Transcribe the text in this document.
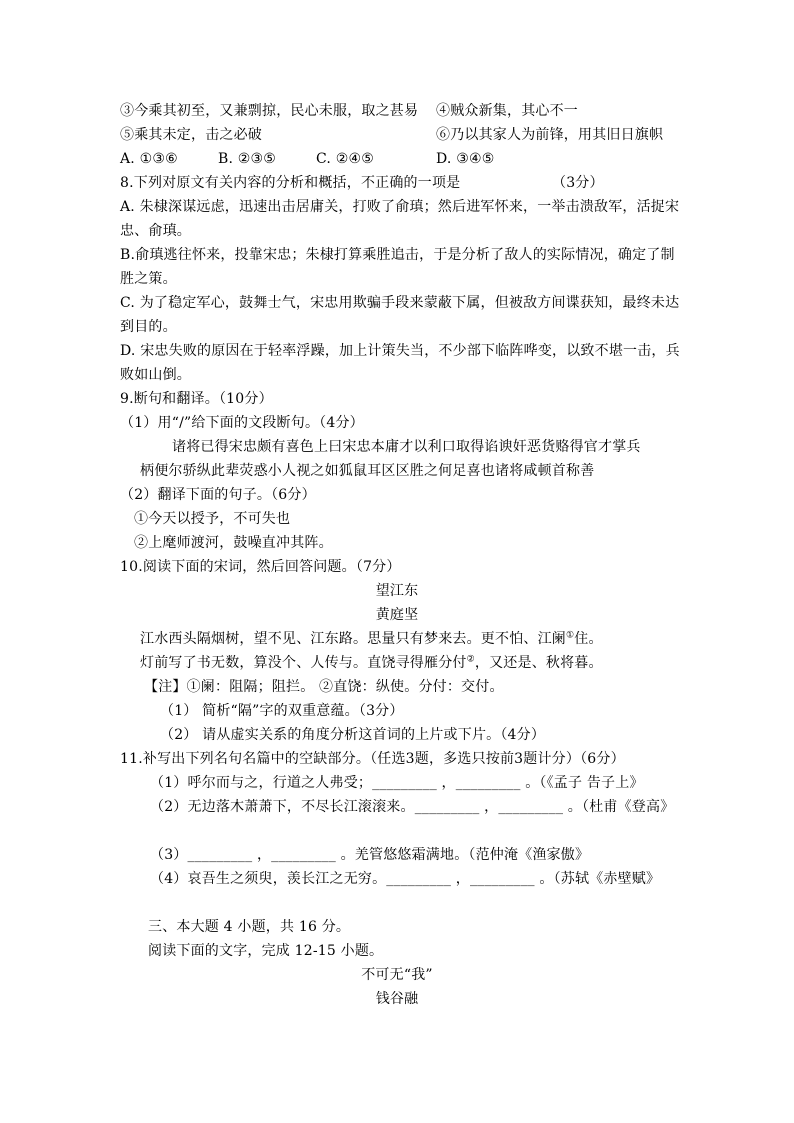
③今乘其初至，又兼剽掠，民心未服，取之甚易 ④贼众新集，其心不一
⑤乘其未定，击之必破	⑥乃以其家人为前锋，用其旧日旗帜
A. ①③⑥	B. ②③⑤	C. ②④⑤	D. ③④⑤
8.下列对原文有关内容的分析和概括，不正确的一项是	（3分）
A. 朱棣深谋远虑，迅速出击居庸关，打败了俞瑱；然后进军怀来，一举击溃敌军，活捉宋
忠、俞瑱。
B.俞瑱逃往怀来，投靠宋忠；朱棣打算乘胜追击，于是分析了敌人的实际情况，确定了制
胜之策。
C. 为了稳定军心，鼓舞士气，宋忠用欺骗手段来蒙蔽下属，但被敌方间谍获知，最终未达
到目的。
D. 宋忠失败的原因在于轻率浮躁，加上计策失当，不少部下临阵哗变，以致不堪一击，兵
败如山倒。
9.断句和翻译。（10分）
（1）用“/”给下面的文段断句。（4分）
诸将已得宋忠颇有喜色上曰宋忠本庸才以利口取得谄谀奸恶货赂得官才掌兵
柄便尔骄纵此辈荧惑小人视之如狐鼠耳区区胜之何足喜也诸将咸顿首称善
（2）翻译下面的句子。（6分）
①今天以授予，不可失也
②上麾师渡河，鼓噪直冲其阵。
10.阅读下面的宋词，然后回答问题。（7分）
望江东
黄庭坚
江水西头隔烟树，望不见、江东路。思量只有梦来去。更不怕、江阑①住。
灯前写了书无数，算没个、人传与。直饶寻得雁分付②，又还是、秋将暮。
【注】①阑：阻隔；阻拦。 ②直饶：纵使。分付：交付。
（1） 简析“隔”字的双重意蕴。（3分）
（2） 请从虚实关系的角度分析这首词的上片或下片。（4分）
11.补写出下列名句名篇中的空缺部分。（任选3题，多选只按前3题计分）（6分）
（1）呼尔而与之，行道之人弗受；_________ ，_________ 。（《孟子 告子上》
（2）无边落木萧萧下，不尽长江滚滚来。_________ ，_________ 。（杜甫《登高》
（3）_________ ，_________ 。羌管悠悠霜满地。（范仲淹《渔家傲》
（4）哀吾生之须臾，羡长江之无穷。_________ ，_________ 。（苏轼《赤壁赋》
三、本大题 4 小题，共 16 分。
阅读下面的文字，完成 12-15 小题。
不可无“我”
钱谷融
